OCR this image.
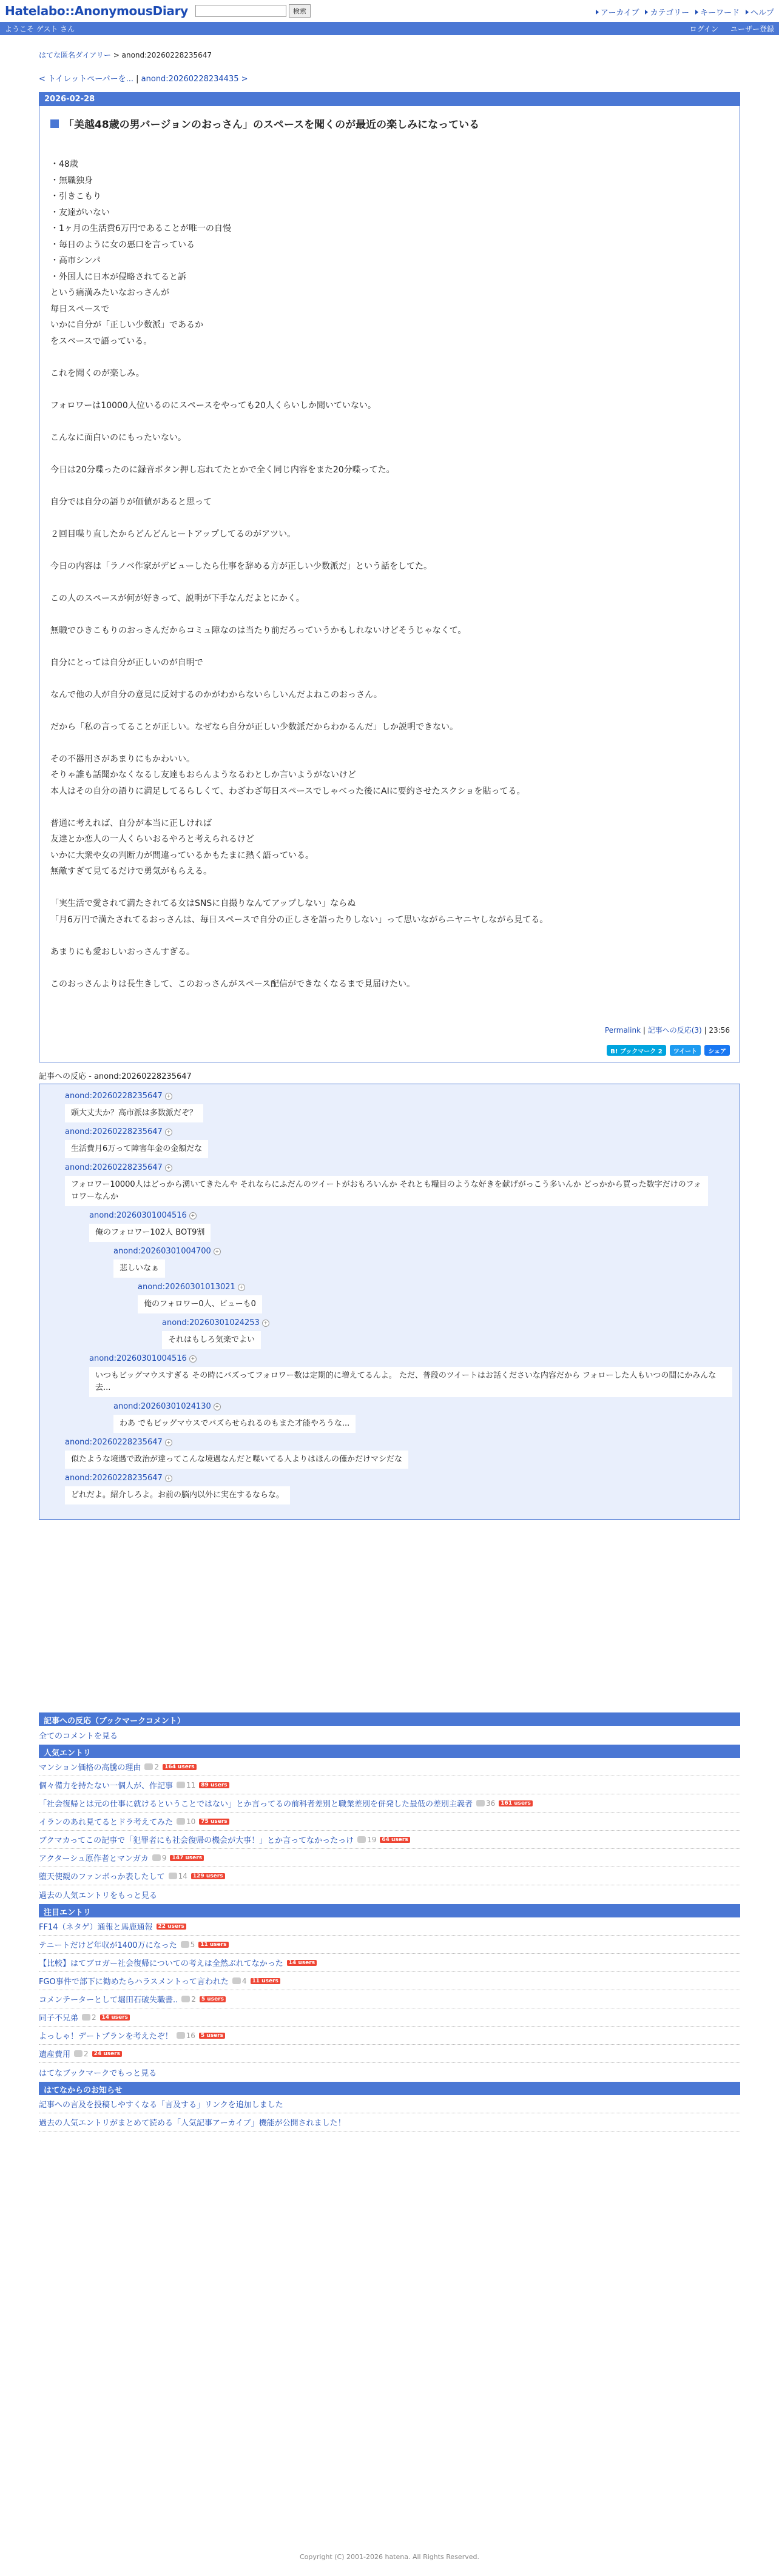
Hatelabo::AnonymousDiary	検索	アーカイブ カテゴリー キーワード ヘルプ
ようこそ ゲスト さん	ログイン ユーザー登録
はてな匿名ダイアリー > anond:20260228235647
< トイレットペーパーを... | anond:20260228234435 >
2026-02-28
「美越48歳の男バージョンのおっさん」のスペースを聞くのが最近の楽しみになっている
・48歳
・無職独身
・引きこもり
・友達がいない
・1ヶ月の生活費6万円であることが唯一の自慢
・毎日のように女の悪口を言っている
・高市シンパ
・外国人に日本が侵略されてると訴
という痛満みたいなおっさんが
毎日スペースで
いかに自分が「正しい少数派」であるか
をスペースで語っている。
これを聞くのが楽しみ。
フォロワーは10000人位いるのにスペースをやっても20人くらいしか聞いていない。
こんなに面白いのにもったいない。
今日は20分喋ったのに録音ボタン押し忘れてたとかで全く同じ内容をまた20分喋ってた。
自分では自分の語りが価値があると思って
２回目喋り直したからどんどんヒートアップしてるのがアツい。
今日の内容は「ラノベ作家がデビューしたら仕事を辞める方が正しい少数派だ」という話をしてた。
この人のスペースが何が好きって、説明が下手なんだよとにかく。
無職でひきこもりのおっさんだからコミュ障なのは当たり前だろっていうかもしれないけどそうじゃなくて。
自分にとっては自分が正しいのが自明で
なんで他の人が自分の意見に反対するのかがわからないらしいんだよねこのおっさん。
だから「私の言ってることが正しい。なぜなら自分が正しい少数派だからわかるんだ」しか説明できない。
その不器用さがあまりにもかわいい。
そりゃ誰も話聞かなくなるし友達もおらんようなるわとしか言いようがないけど
本人はその自分の語りに満足してるらしくて、わざわざ毎日スペースでしゃべった後にAIに要約させたスクショを貼ってる。
普通に考えれば、自分が本当に正しければ
友達とか恋人の一人くらいおるやろと考えられるけど
いかに大衆や女の判断力が間違っているかもたまに熱く語っている。
無敵すぎて見てるだけで勇気がもらえる。
「実生活で愛されて満たされてる女はSNSに自撮りなんてアップしない」ならぬ
「月6万円で満たされてるおっさんは、毎日スペースで自分の正しさを語ったりしない」って思いながらニヤニヤしながら見てる。
あまりにも愛おしいおっさんすぎる。
このおっさんよりは長生きして、このおっさんがスペース配信ができなくなるまで見届けたい。
Permalink | 記事への反応(3) | 23:56
B! ブックマーク 2	ツイート	シェア
記事への反応 - anond:20260228235647
anond:20260228235647 +
頭大丈夫か？高市派は多数派だぞ？
anond:20260228235647 +
生活費月6万って障害年金の金額だな
anond:20260228235647 +
フォロワー10000人はどっから湧いてきたんや それならにふだんのツイートがおもろいんか それとも糧目のような好きを献げがっこう多いんか どっかから買った数字だけのフォロワーなんか
anond:20260301004516 +
俺のフォロワー102人 BOT9割
anond:20260301004700 +
悲しいなぁ
anond:20260301013021 +
俺のフォロワー0人、ビューも0
anond:20260301024253 +
それはもしろ気楽でよい
anond:20260301004516 +
いつもビッグマウスすぎる その時にバズってフォロワー数は定期的に増えてるんよ。 ただ、普段のツイートはお話くださいな内容だから フォローした人もいつの間にかみんな去...
anond:20260301024130 +
わあ でもビッグマウスでバズらせられるのもまた才能やろうな...
anond:20260228235647 +
似たような境遇で政治が違ってこんな境遇なんだと喋いてる人よりはほんの僅かだけマシだな
anond:20260228235647 +
どれだよ。紹介しろよ。お前の脳内以外に実在するならな。
記事への反応（ブックマークコメント）
全てのコメントを見る
人気エントリ
マンション価格の高騰の理由 2	164 users
個々備力を持たない一個人が、作記事 11	89 users
「社会復帰とは元の仕事に就けるということではない」とか言ってるの前科者差別と職業差別を併発した最低の差別主義者 36	161 users
イランのあれ見てるとドラ考えてみた 10	75 users
ブクマカってこの記事で「犯罪者にも社会復帰の機会が大事！」とか言ってなかったっけ 19	64 users
アクターシュ原作者とマンガカ 9	147 users
堕天使観のファンボっか表したして 14	129 users
過去の人気エントリをもっと見る
注目エントリ
FF14（ネタゲ）通報と馬鹿通報	22 users
テニートだけど年収が1400万になった 5	11 users
【比較】はてブロガー社会復帰についての考えは全然ぶれてなかった	14 users
FGO事件で部下に勧めたらハラスメントって言われた 4	11 users
コメンテーターとして堀田石破失職書.. 2	5 users
同子不兄弟 2	14 users
よっしゃ！デートプランを考えたぞ！ 16	5 users
遺産費用 2	24 users
はてなブックマークでもっと見る
はてなからのお知らせ
記事への言及を投稿しやすくなる「言及する」リンクを追加しました
過去の人気エントリがまとめて読める「人気記事アーカイブ」機能が公開されました！
Copyright (C) 2001-2026 hatena. All Rights Reserved.
